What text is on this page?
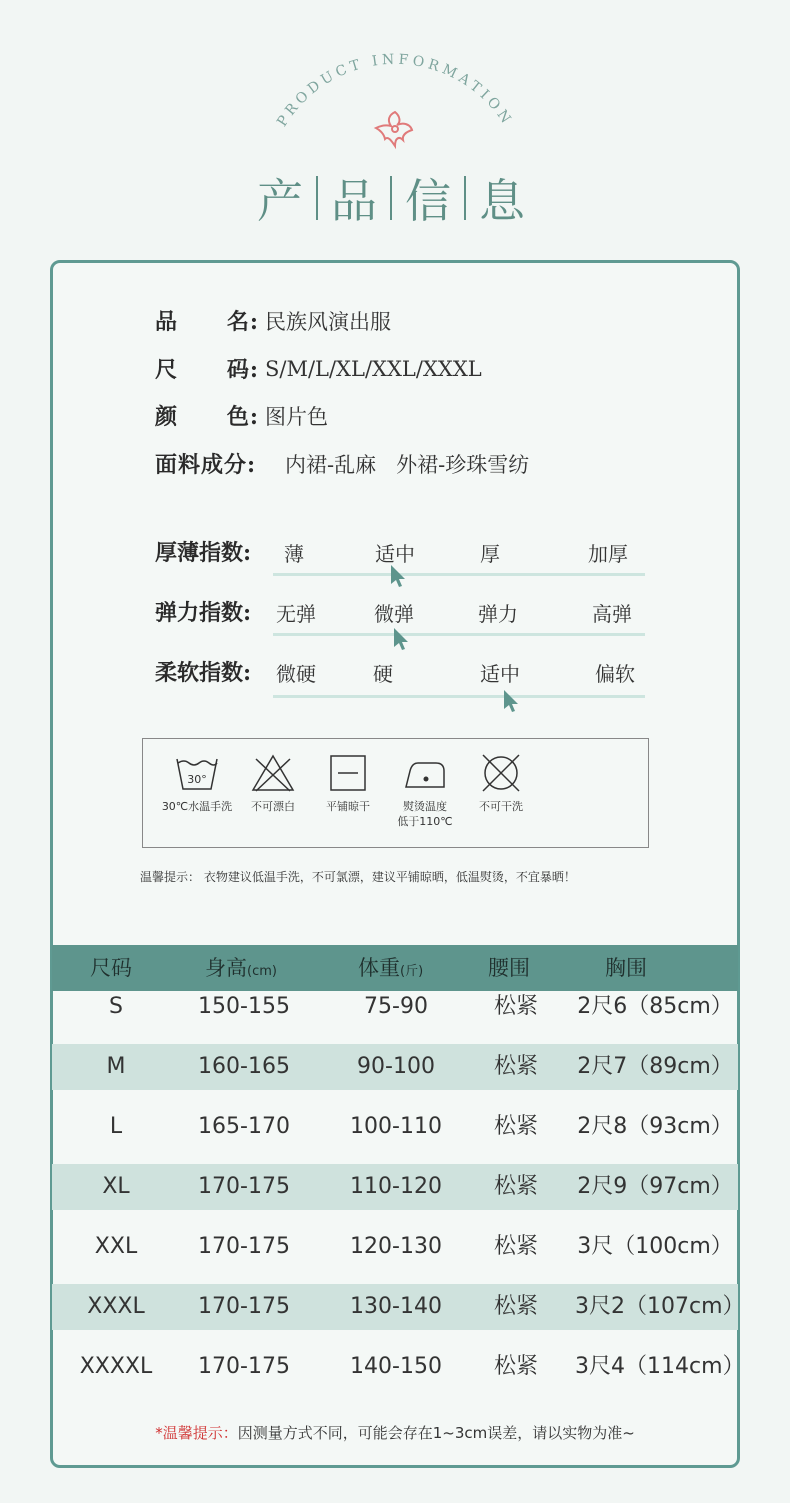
PRODUCT INFORMATION
产 品 信 息
品 名: 民族风演出服
尺 码: S/M/L/XL/XXL/XXXL
颜 色: 图片色
面料成分:	内裙-乱麻   外裙-珍珠雪纺
厚薄指数: 薄	适中	厚	加厚
弹力指数: 无弹	微弹	弹力	高弹
柔软指数: 微硬	硬	适中	偏软
30°
30℃水温手洗	不可漂白	平铺晾干	熨烫温度
低于110℃
不可干洗
温馨提示： 衣物建议低温手洗，不可氯漂，建议平铺晾晒，低温熨烫，不宜暴晒！
尺码	身高(cm)	体重(斤)	腰围	胸围
S	150-155	75-90	松紧	2尺6（85cm）
M	160-165	90-100	松紧	2尺7（89cm）
L	165-170	100-110	松紧	2尺8（93cm）
XL	170-175	110-120	松紧	2尺9（97cm）
XXL	170-175	120-130	松紧	3尺（100cm）
XXXL	170-175	130-140	松紧	3尺2（107cm）
XXXXL	170-175	140-150	松紧	3尺4（114cm）
*温馨提示：因测量方式不同，可能会存在1~3cm误差，请以实物为准~
